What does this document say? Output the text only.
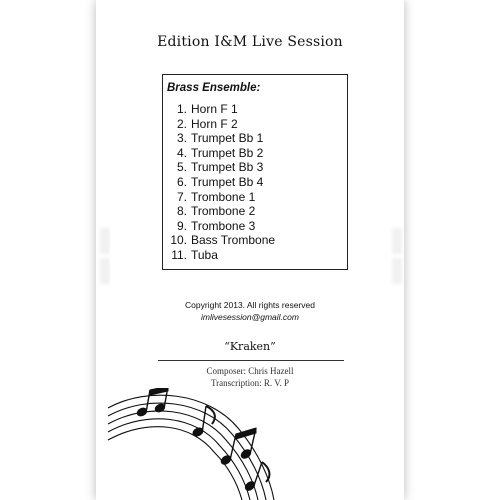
Edition I&M Live Session
Brass Ensemble:
1. Horn F 1
2. Horn F 2
3. Trumpet Bb 1
4. Trumpet Bb 2
5. Trumpet Bb 3
6. Trumpet Bb 4
7. Trombone 1
8. Trombone 2
9. Trombone 3
10. Bass Trombone
11. Tuba
Copyright 2013. All rights reserved
imlivesession@gmail.com
“Kraken”
Composer: Chris Hazell
Transcription: R. V. P
